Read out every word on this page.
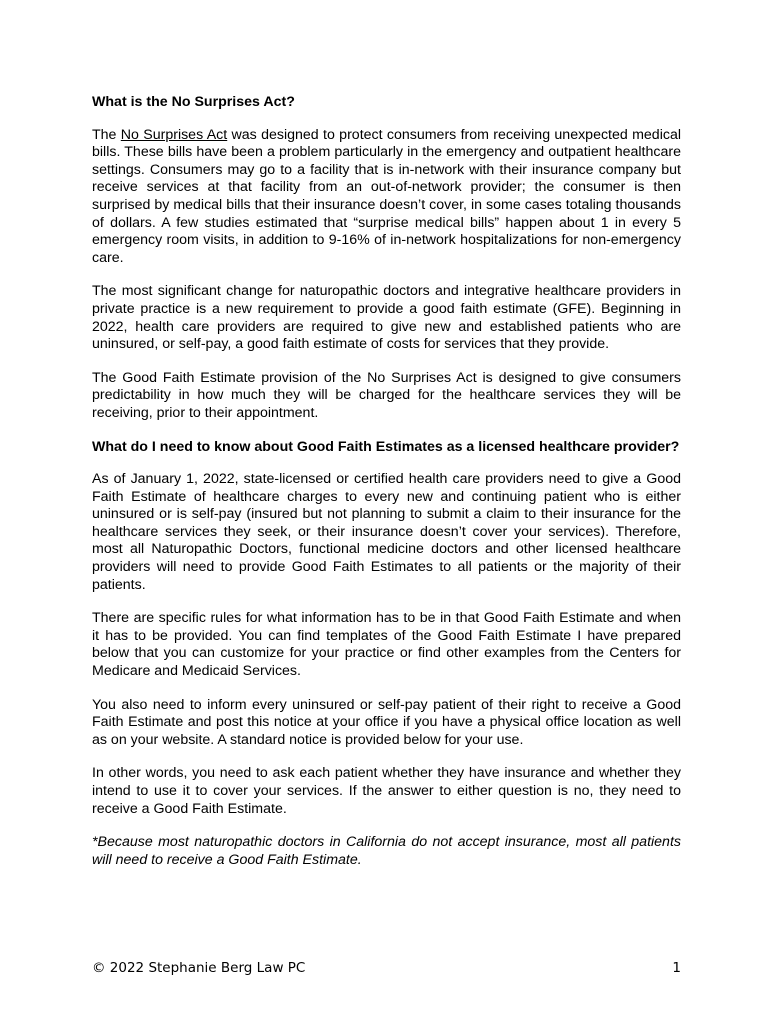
What is the No Surprises Act?

The No Surprises Act was designed to protect consumers from receiving unexpected medical bills. These bills have been a problem particularly in the emergency and outpatient healthcare settings. Consumers may go to a facility that is in-network with their insurance company but receive services at that facility from an out-of-network provider; the consumer is then surprised by medical bills that their insurance doesn’t cover, in some cases totaling thousands of dollars. A few studies estimated that “surprise medical bills” happen about 1 in every 5 emergency room visits, in addition to 9-16% of in-network hospitalizations for non-emergency care.

The most significant change for naturopathic doctors and integrative healthcare providers in private practice is a new requirement to provide a good faith estimate (GFE). Beginning in 2022, health care providers are required to give new and established patients who are uninsured, or self-pay, a good faith estimate of costs for services that they provide.

The Good Faith Estimate provision of the No Surprises Act is designed to give consumers predictability in how much they will be charged for the healthcare services they will be receiving, prior to their appointment.

What do I need to know about Good Faith Estimates as a licensed healthcare provider?

As of January 1, 2022, state-licensed or certified health care providers need to give a Good Faith Estimate of healthcare charges to every new and continuing patient who is either uninsured or is self-pay (insured but not planning to submit a claim to their insurance for the healthcare services they seek, or their insurance doesn’t cover your services). Therefore, most all Naturopathic Doctors, functional medicine doctors and other licensed healthcare providers will need to provide Good Faith Estimates to all patients or the majority of their patients.

There are specific rules for what information has to be in that Good Faith Estimate and when it has to be provided. You can find templates of the Good Faith Estimate I have prepared below that you can customize for your practice or find other examples from the Centers for Medicare and Medicaid Services.

You also need to inform every uninsured or self-pay patient of their right to receive a Good Faith Estimate and post this notice at your office if you have a physical office location as well as on your website. A standard notice is provided below for your use.

In other words, you need to ask each patient whether they have insurance and whether they intend to use it to cover your services. If the answer to either question is no, they need to receive a Good Faith Estimate.

*Because most naturopathic doctors in California do not accept insurance, most all patients will need to receive a Good Faith Estimate.

© 2022 Stephanie Berg Law PC	1
